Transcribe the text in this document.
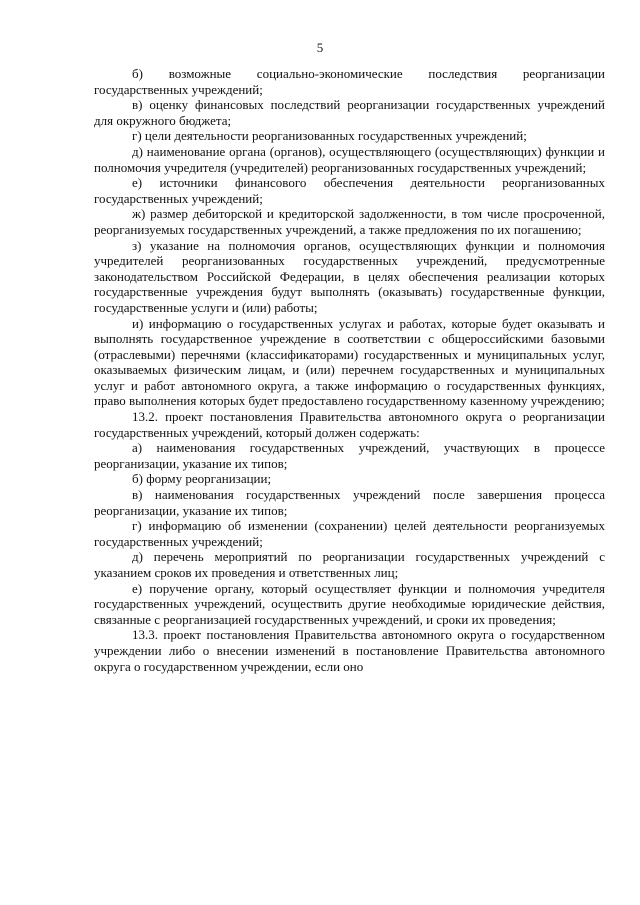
5

б) возможные социально-экономические последствия реорганизации государственных учреждений;

в) оценку финансовых последствий реорганизации государственных учреждений для окружного бюджета;

г) цели деятельности реорганизованных государственных учреждений;

д) наименование органа (органов), осуществляющего (осуществляющих) функции и полномочия учредителя (учредителей) реорганизованных государственных учреждений;

е) источники финансового обеспечения деятельности реорганизованных государственных учреждений;

ж) размер дебиторской и кредиторской задолженности, в том числе просроченной, реорганизуемых государственных учреждений, а также предложения по их погашению;

з) указание на полномочия органов, осуществляющих функции и полномочия учредителей реорганизованных государственных учреждений, предусмотренные законодательством Российской Федерации, в целях обеспечения реализации которых государственные учреждения будут выполнять (оказывать) государственные функции, государственные услуги и (или) работы;

и) информацию о государственных услугах и работах, которые будет оказывать и выполнять государственное учреждение в соответствии с общероссийскими базовыми (отраслевыми) перечнями (классификаторами) государственных и муниципальных услуг, оказываемых физическим лицам, и (или) перечнем государственных и муниципальных услуг и работ автономного округа, а также информацию о государственных функциях, право выполнения которых будет предоставлено государственному казенному учреждению;

13.2. проект постановления Правительства автономного округа о реорганизации государственных учреждений, который должен содержать:

а) наименования государственных учреждений, участвующих в процессе реорганизации, указание их типов;

б) форму реорганизации;

в) наименования государственных учреждений после завершения процесса реорганизации, указание их типов;

г) информацию об изменении (сохранении) целей деятельности реорганизуемых государственных учреждений;

д) перечень мероприятий по реорганизации государственных учреждений с указанием сроков их проведения и ответственных лиц;

е) поручение органу, который осуществляет функции и полномочия учредителя государственных учреждений, осуществить другие необходимые юридические действия, связанные с реорганизацией государственных учреждений, и сроки их проведения;

13.3. проект постановления Правительства автономного округа о государственном учреждении либо о внесении изменений в постановление Правительства автономного округа о государственном учреждении, если оно
